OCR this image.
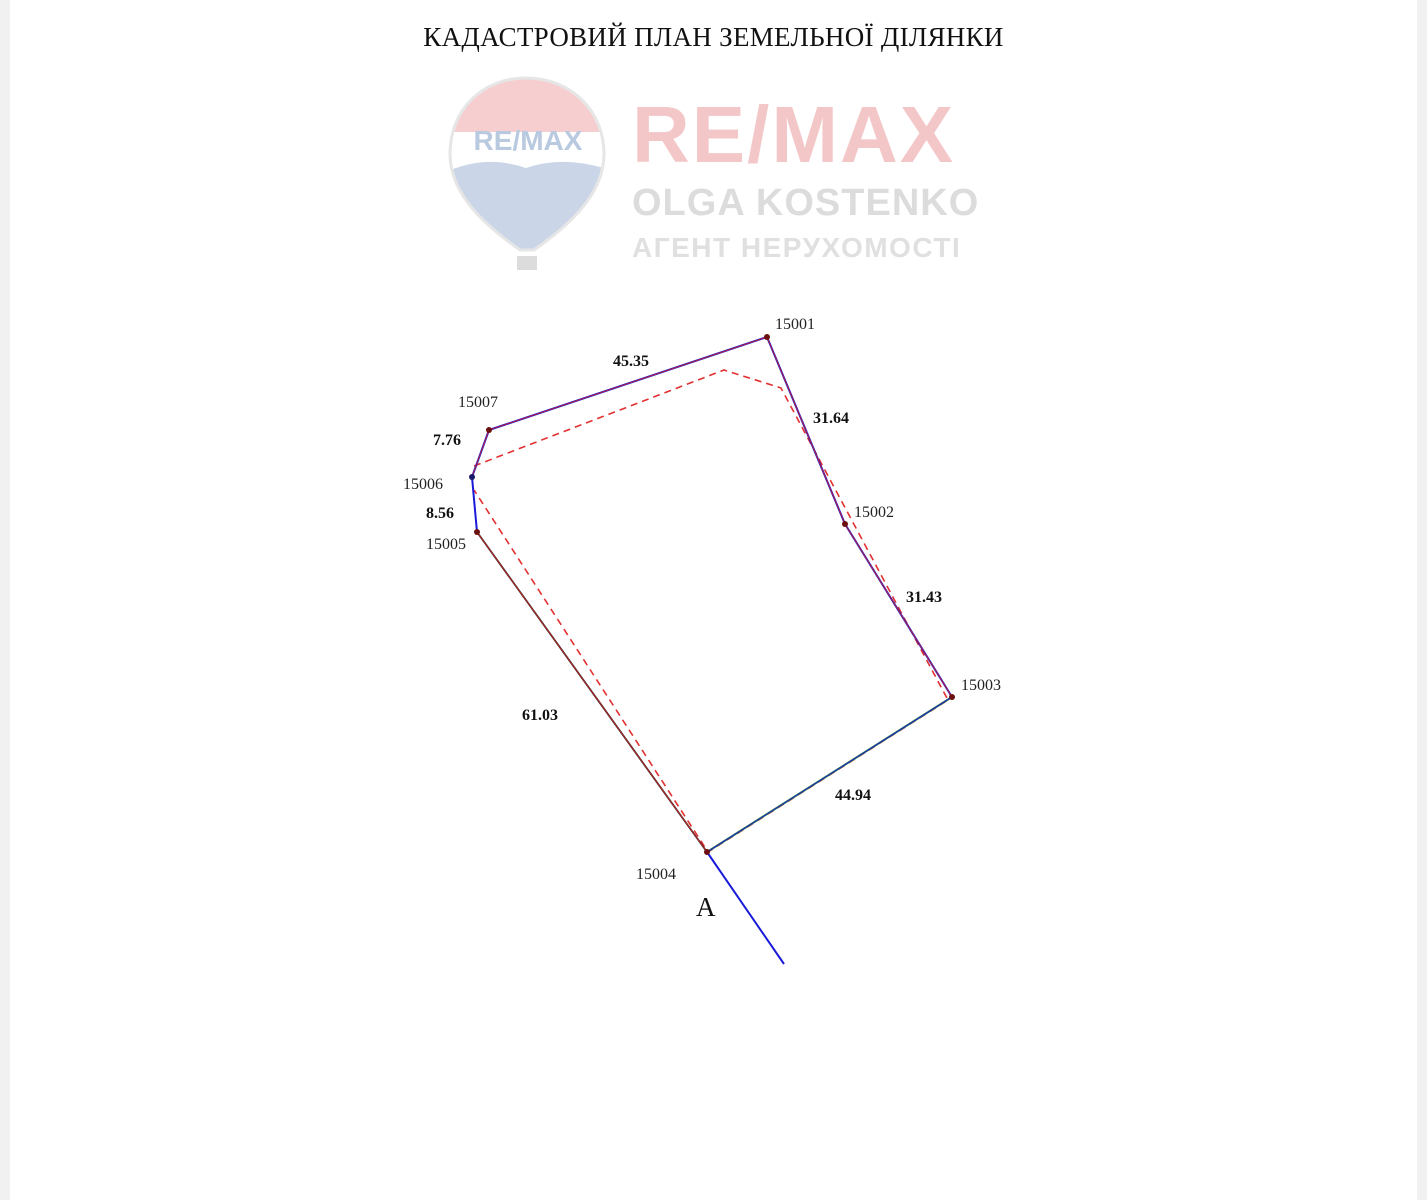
КАДАСТРОВИЙ ПЛАН ЗЕМЕЛЬНОЇ ДІЛЯНКИ
RE/MAX RE/MAX
OLGA KOSTENKO
АГЕНТ НЕРУХОМОСТІ
15001
15002
15003
15004
15005
15006
15007
45.35
31.64
31.43
44.94
61.03
8.56
7.76
A
